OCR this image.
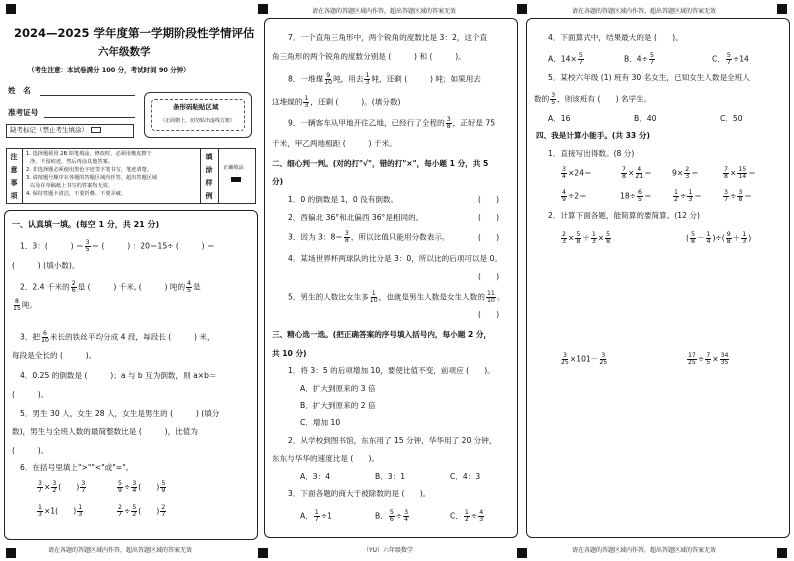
请在各题的答题区域内作答，超出答题区域的答案无效	请在各题的答题区域内作答，超出答题区域的答案无效
请在各题的答题区域内作答，超出答题区域的答案无效	（YU）六年级数学	请在各题的答题区域内作答，超出答题区域的答案无效
2024—2025 学年度第一学期阶段性学情评估
六年级数学
（考生注意：本试卷满分 100 分，考试时间 90 分钟）
姓　名
准考证号
缺考标记（禁止考生填涂）
条形码粘贴区域
（正面朝上，切勿贴出虚线方框）
注
意
事
项
1. 选择题须用 2B 铅笔填涂，修改时，必须用橡皮擦干
净，不留痕迹，然后再涂其他答案。
2. 非选择题必须使用黑色字迹签字笔书写，笔迹清楚。
3. 请按题号顺序在各题的答题区域内作答，超出答题区域
以及在草稿纸上书写的答案均无效。
4. 保持答题卡清洁，不要折叠、不要弄破。
填
涂
样
例
正确填涂
一、认真填一填。(每空 1 分，共 21 分)
1．3：(　　　) ＝ $\frac{3}{5}$ ＝ (　　　) ：20＝15÷ (　　　) ＝
(　　　) (填小数)。
2．2.4 千米的 $\frac{2}{6}$ 是 (　　　) 千米, (　　　) 吨的 $\frac{4}{5}$ 是
$\frac{8}{15}$ 吨。
3．把 $\frac{6}{10}$ 米长的铁丝平均分成 4 段，每段长 (　　　) 米，
每段是全长的 (　　　)。
4．0.25 的倒数是 (　　　)；a 与 b 互为倒数，则 a×b＝
(　　　)。
5．男生 30 人，女生 28 人，女生是男生的 (　　　) (填分
数)，男生与全班人数的最简整数比是 (　　　)，比值为
(　　　)。
6．在括号里填上">""<"或"="。
$\frac{3}{7} \times \frac{3}{2}$ (　　) $\frac{3}{7}$	$\frac{5}{9} \div \frac{3}{4}$ (　　) $\frac{5}{9}$
$\frac{1}{3} \times 1$(　　) $\frac{1}{3}$	$\frac{2}{7} \div \frac{5}{2}$ (　　) $\frac{2}{7}$
7．一个直角三角形中，两个锐角的度数比是 3：2，这个直
角三角形的两个锐角的度数分别是 (　　　) 和 (　　　)。
8．一堆煤 $\frac{9}{10}$ 吨，用去 $\frac{1}{3}$ 吨，还剩 (　　　) 吨；如果用去
这堆煤的 $\frac{1}{3}$ ，还剩 (　　　)。(填分数)
9．一辆客车从甲地开往乙地，已经行了全程的 $\frac{3}{8}$ ，正好是 75
千米，甲乙两地相距 (　　　) 千米。
二、细心判一判。(对的打"√"，错的打"×"，每小题 1 分，共 5
分)
1．0 的倒数是 1，0 没有倒数。	(　　)
2．西偏北 36°和北偏西 36°是相同的。	(　　)
3．因为 3：$8= \frac{3}{8}$ ，所以比值只能用分数表示。	(　　)
4．某场世界杯两球队的比分是 3：0，所以比的后项可以是 0。
(　　)
5．男生的人数比女生多 $\frac{1}{10}$ ，也就是男生人数是女生人数的 $\frac{11}{10}$ 。
(　　)
三、精心选一选。(把正确答案的序号填入括号内，每小题 2 分，
共 10 分)
1．将 3：5 的后项增加 10，要使比值不变，前项应 (　　)。
A．扩大到原来的 3 倍
B．扩大到原来的 2 倍
C．增加 10
2．从学校到图书馆，东东用了 15 分钟，华华用了 20 分钟，
东东与华华的速度比是 (　　)。
A．3：4	B．3：1	C．4：3
3．下面各题的商大于被除数的是 (　　)。
A． $\frac{1}{7} \div 1$	B． $\frac{5}{6} \div \frac{3}{4}$	C． $\frac{1}{2} \div \frac{4}{3}$
4．下面算式中，结果最大的是 (　　)。
A．$14\times \frac{5}{7}$	B．$4\div \frac{5}{7}$	C． $\frac{5}{7} \div 14$
5．某校六年级 (1) 班有 30 名女生，已知女生人数是全班人
数的 $\frac{3}{5}$ ，则该班有 (　　) 名学生。
A．16	B．40	C．50
四、我是计算小能手。(共 33 分)
1．直接写出得数。(8 分)
$\frac{3}{4} \times 24=$	$\frac{7}{8} \times \frac{4}{21}$ ＝	$9\times \frac{2}{3}$ ＝	$\frac{7}{8} \times \frac{15}{14}$ ＝
$\frac{4}{9} \div 2=$	$18\div \frac{6}{5}$ ＝	$\frac{1}{2} \div \frac{1}{3}$ ＝	$\frac{3}{7} \div \frac{3}{8}$ ＝
2．计算下面各题，能简算的要简算。(12 分)
$\frac{2}{3} \times \frac{5}{8} + \frac{1}{3} \times \frac{5}{8}$	( $\frac{5}{8} - \frac{1}{4}$ )÷( $\frac{9}{8} + \frac{1}{3}$ )
$\frac{3}{25} \times 101- \frac{3}{25}$	$\frac{17}{25} \div \frac{7}{5} \times \frac{34}{35}$
